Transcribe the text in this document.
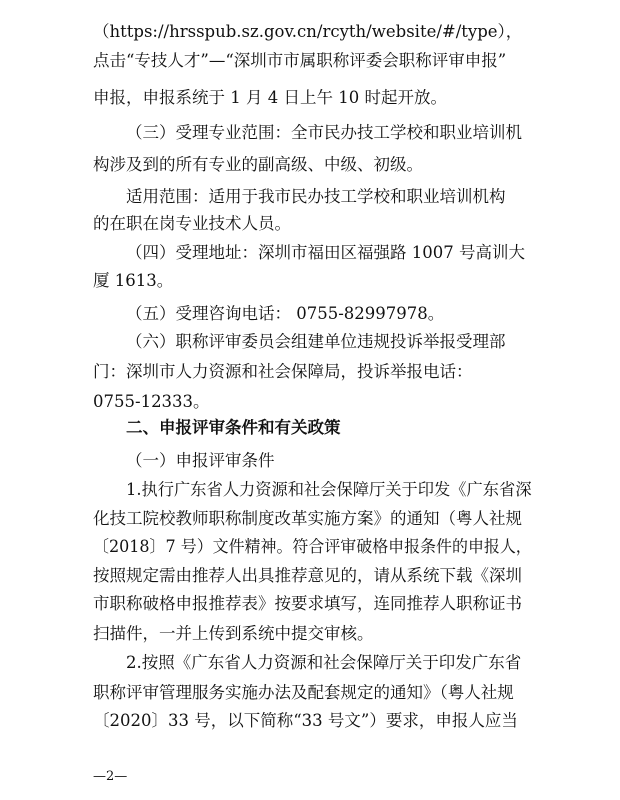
（https://hrsspub.sz.gov.cn/rcyth/website/#/type），
点击“专技人才”—“深圳市市属职称评委会职称评审申报”
申报，申报系统于 1 月 4 日上午 10 时起开放。
（三）受理专业范围：全市民办技工学校和职业培训机
构涉及到的所有专业的副高级、中级、初级。
适用范围：适用于我市民办技工学校和职业培训机构
的在职在岗专业技术人员。
（四）受理地址：深圳市福田区福强路 1007 号高训大
厦 1613。
（五）受理咨询电话： 0755-82997978。
（六）职称评审委员会组建单位违规投诉举报受理部
门：深圳市人力资源和社会保障局，投诉举报电话：
0755-12333。
二、申报评审条件和有关政策
（一）申报评审条件
1.执行广东省人力资源和社会保障厅关于印发《广东省深
化技工院校教师职称制度改革实施方案》的通知（粤人社规
〔2018〕7 号）文件精神。符合评审破格申报条件的申报人，
按照规定需由推荐人出具推荐意见的，请从系统下载《深圳
市职称破格申报推荐表》按要求填写，连同推荐人职称证书
扫描件，一并上传到系统中提交审核。
2.按照《广东省人力资源和社会保障厅关于印发广东省
职称评审管理服务实施办法及配套规定的通知》（粤人社规
〔2020〕33 号，以下简称“33 号文”）要求，申报人应当
—2—
